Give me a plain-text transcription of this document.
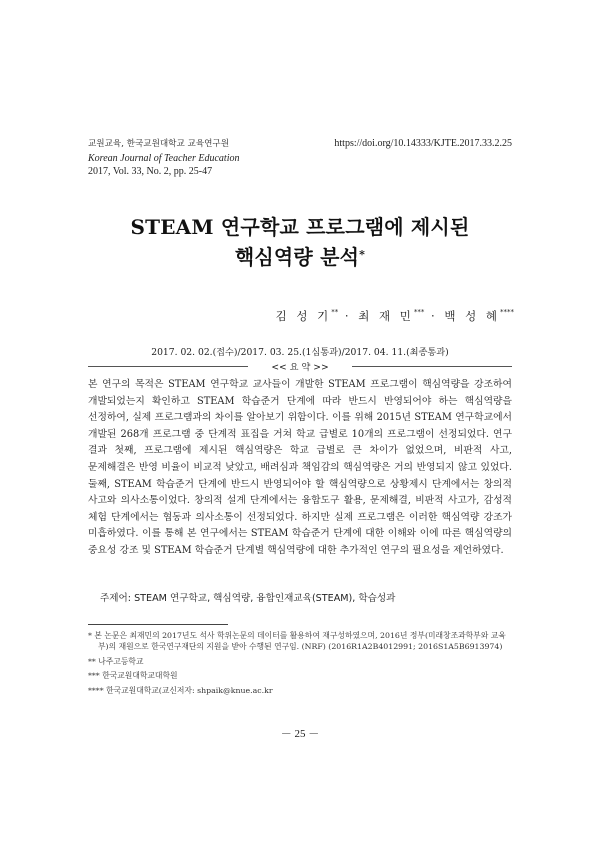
교원교육, 한국교원대학교 교육연구원
Korean Journal of Teacher Education
2017, Vol. 33, No. 2, pp. 25-47
https://doi.org/10.14333/KJTE.2017.33.2.25
STEAM 연구학교 프로그램에 제시된
핵심역량 분석*
김 성 기** · 최 재 민*** · 백 성 혜****
2017. 02. 02.(접수)/2017. 03. 25.(1심통과)/2017. 04. 11.(최종통과)
<< 요 약 >>
본 연구의 목적은 STEAM 연구학교 교사들이 개발한 STEAM 프로그램이 핵심역량을 강조하여 개발되었는지 확인하고 STEAM 학습준거 단계에 따라 반드시 반영되어야 하는 핵심역량을 선정하여, 실제 프로그램과의 차이를 알아보기 위함이다. 이를 위해 2015년 STEAM 연구학교에서 개발된 268개 프로그램 중 단계적 표집을 거쳐 학교 급별로 10개의 프로그램이 선정되었다. 연구 결과 첫째, 프로그램에 제시된 핵심역량은 학교 급별로 큰 차이가 없었으며, 비판적 사고, 문제해결은 반영 비율이 비교적 낮았고, 배려심과 책임감의 핵심역량은 거의 반영되지 않고 있었다. 둘째, STEAM 학습준거 단계에 반드시 반영되어야 할 핵심역량으로 상황제시 단계에서는 창의적 사고와 의사소통이었다. 창의적 설계 단계에서는 융합도구 활용, 문제해결, 비판적 사고가, 감성적 체험 단계에서는 협동과 의사소통이 선정되었다. 하지만 실제 프로그램은 이러한 핵심역량 강조가 미흡하였다. 이를 통해 본 연구에서는 STEAM 학습준거 단계에 대한 이해와 이에 따른 핵심역량의 중요성 강조 및 STEAM 학습준거 단계별 핵심역량에 대한 추가적인 연구의 필요성을 제언하였다.
주제어: STEAM 연구학교, 핵심역량, 융합인재교육(STEAM), 학습성과
* 본 논문은 최재민의 2017년도 석사 학위논문의 데이터를 활용하여 재구성하였으며, 2016년 정부(미래창조과학부와 교육부)의 재원으로 한국연구재단의 지원을 받아 수행된 연구임. (NRF) (2016R1A2B4012991; 2016S1A5B6913974)
** 나주고등학교
*** 한국교원대학교대학원
**** 한국교원대학교(교신저자: shpaik@knue.ac.kr
－ 25 －
